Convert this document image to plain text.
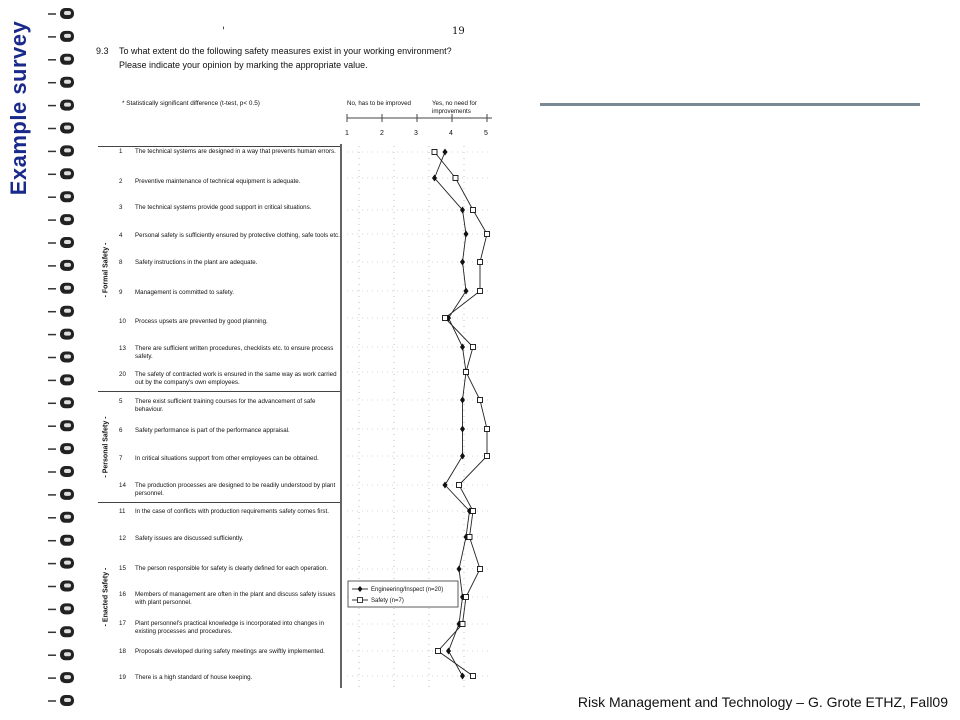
Example survey	'	19
9.3 To what extent do the following safety measures exist in your working environment?
Please indicate your opinion by marking the appropriate value.
* Statistically significant difference (t-test, p< 0.5)	No, has to be improved	Yes, no need for improvements
1	2	3	4	5
- Formal Safety -
- Personal Safety -
- Enacted Safety -
1 The technical systems are designed in a way that prevents human errors.
2 Preventive maintenance of technical equipment is adequate.
3 The technical systems provide good support in critical situations.
4 Personal safety is sufficiently ensured by protective clothing, safe tools etc.
8 Safety instructions in the plant are adequate.
9 Management is committed to safety.
10 Process upsets are prevented by good planning.
13 There are sufficient written procedures, checklists etc. to ensure process safety.
20 The safety of contracted work is ensured in the same way as work carried out by the company's own employees.
5 There exist sufficient training courses for the advancement of safe behaviour.
6 Safety performance is part of the performance appraisal.
7 In critical situations support from other employees can be obtained.
14 The production processes are designed to be readily understood by plant personnel.
11 In the case of conflicts with production requirements safety comes first.
12 Safety issues are discussed sufficiently.
15 The person responsible for safety is clearly defined for each operation.
16 Members of management are often in the plant and discuss safety issues with plant personnel.
17 Plant personnel's practical knowledge is incorporated into changes in existing processes and procedures.
18 Proposals developed during safety meetings are swiftly implemented.
19 There is a high standard of house keeping.
Engineering/Inspect (n=20)
Safety (n=7)
Risk Management and Technology – G. Grote ETHZ, Fall09
